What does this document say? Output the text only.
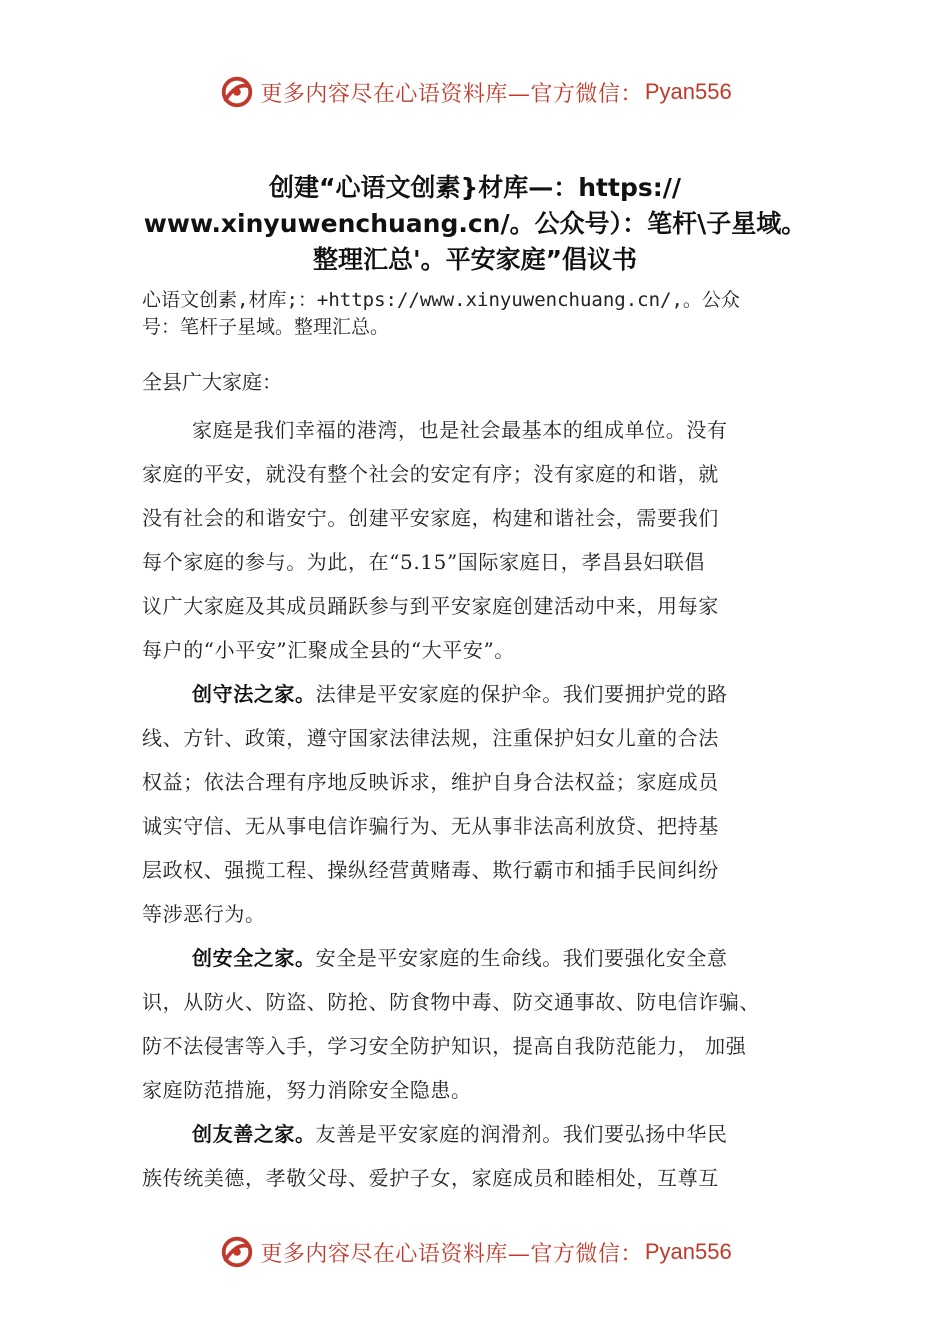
更多内容尽在心语资料库—官方微信： Pyan556
创建“心语文创素}材库—：https://
www.xinyuwenchuang.cn/。公众号）：笔杆\子星域。
整理汇总'。平安家庭”倡议书
心语文创素,材库;：+https://www.xinyuwenchuang.cn/,。公众
号：笔杆子星域。整理汇总。
全县广大家庭：
家庭是我们幸福的港湾，也是社会最基本的组成单位。没有
家庭的平安，就没有整个社会的安定有序；没有家庭的和谐，就
没有社会的和谐安宁。创建平安家庭，构建和谐社会，需要我们
每个家庭的参与。为此，在“5.15”国际家庭日，孝昌县妇联倡
议广大家庭及其成员踊跃参与到平安家庭创建活动中来，用每家
每户的“小平安”汇聚成全县的“大平安”。
创守法之家。法律是平安家庭的保护伞。我们要拥护党的路
线、方针、政策，遵守国家法律法规，注重保护妇女儿童的合法
权益；依法合理有序地反映诉求，维护自身合法权益；家庭成员
诚实守信、无从事电信诈骗行为、无从事非法高利放贷、把持基
层政权、强揽工程、操纵经营黄赌毒、欺行霸市和插手民间纠纷
等涉恶行为。
创安全之家。安全是平安家庭的生命线。我们要强化安全意
识，从防火、防盗、防抢、防食物中毒、防交通事故、防电信诈骗、
防不法侵害等入手，学习安全防护知识，提高自我防范能力， 加强
家庭防范措施，努力消除安全隐患。
创友善之家。友善是平安家庭的润滑剂。我们要弘扬中华民
族传统美德，孝敬父母、爱护子女，家庭成员和睦相处，互尊互
更多内容尽在心语资料库—官方微信： Pyan556
